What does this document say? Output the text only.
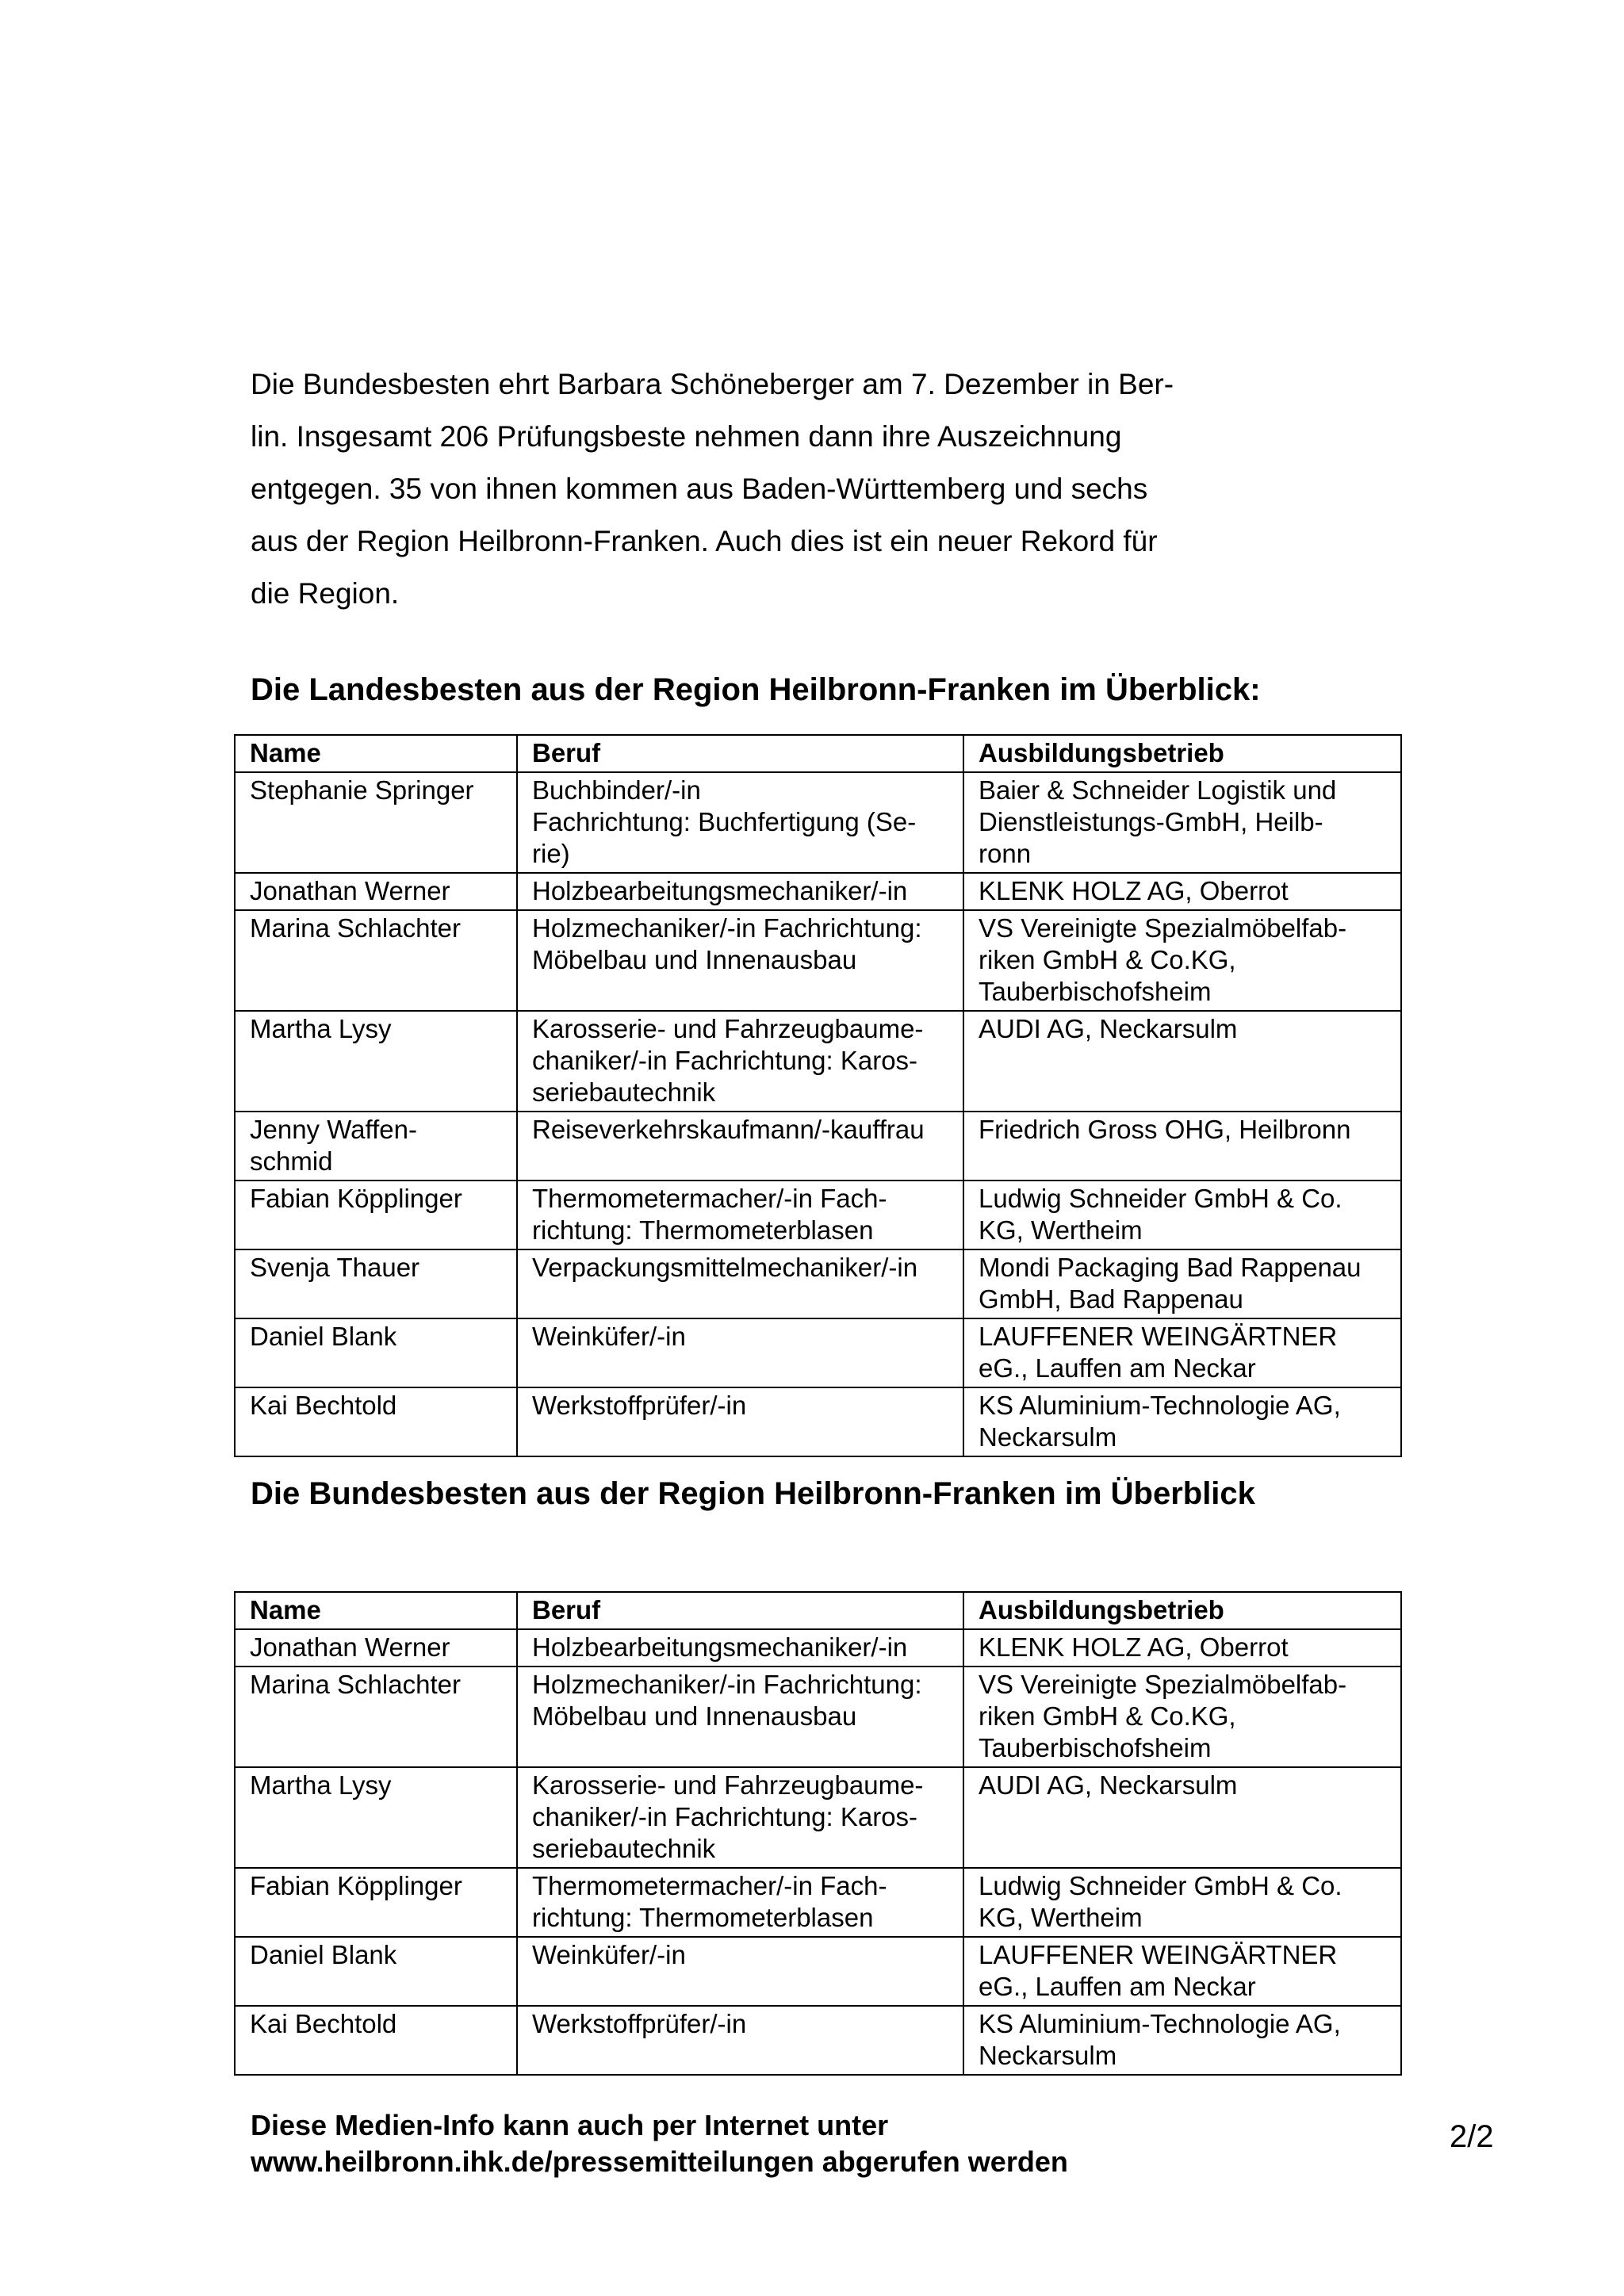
Die Bundesbesten ehrt Barbara Schöneberger am 7. Dezember in Ber-

lin. Insgesamt 206 Prüfungsbeste nehmen dann ihre Auszeichnung

entgegen. 35 von ihnen kommen aus Baden-Württemberg und sechs

aus der Region Heilbronn-Franken. Auch dies ist ein neuer Rekord für

die Region.

Die Landesbesten aus der Region Heilbronn-Franken im Überblick:
Name	Beruf	Ausbildungsbetrieb

Stephanie Springer	Buchbinder/-in
Fachrichtung: Buchfertigung (Se-
rie)	Baier & Schneider Logistik und
Dienstleistungs-GmbH, Heilb-
ronn

Jonathan Werner	Holzbearbeitungsmechaniker/-in	KLENK HOLZ AG, Oberrot

Marina Schlachter	Holzmechaniker/-in Fachrichtung:
Möbelbau und Innenausbau	VS Vereinigte Spezialmöbelfab-
riken GmbH & Co.KG,
Tauberbischofsheim

Martha Lysy	Karosserie- und Fahrzeugbaume-
chaniker/-in Fachrichtung: Karos-
seriebautechnik	AUDI AG, Neckarsulm

Jenny Waffen-
schmid	Reiseverkehrskaufmann/-kauffrau	Friedrich Gross OHG, Heilbronn

Fabian Köpplinger	Thermometermacher/-in Fach-
richtung: Thermometerblasen	Ludwig Schneider GmbH & Co.
KG, Wertheim

Svenja Thauer	Verpackungsmittelmechaniker/-in	Mondi Packaging Bad Rappenau
GmbH, Bad Rappenau

Daniel Blank	Weinküfer/-in	LAUFFENER WEINGÄRTNER
eG., Lauffen am Neckar

Kai Bechtold	Werkstoffprüfer/-in	KS Aluminium-Technologie AG,
Neckarsulm
Die Bundesbesten aus der Region Heilbronn-Franken im Überblick
Name	Beruf	Ausbildungsbetrieb

Jonathan Werner	Holzbearbeitungsmechaniker/-in	KLENK HOLZ AG, Oberrot

Marina Schlachter	Holzmechaniker/-in Fachrichtung:
Möbelbau und Innenausbau	VS Vereinigte Spezialmöbelfab-
riken GmbH & Co.KG,
Tauberbischofsheim

Martha Lysy	Karosserie- und Fahrzeugbaume-
chaniker/-in Fachrichtung: Karos-
seriebautechnik	AUDI AG, Neckarsulm

Fabian Köpplinger	Thermometermacher/-in Fach-
richtung: Thermometerblasen	Ludwig Schneider GmbH & Co.
KG, Wertheim

Daniel Blank	Weinküfer/-in	LAUFFENER WEINGÄRTNER
eG., Lauffen am Neckar

Kai Bechtold	Werkstoffprüfer/-in	KS Aluminium-Technologie AG,
Neckarsulm
Diese Medien-Info kann auch per Internet unter
www.heilbronn.ihk.de/pressemitteilungen abgerufen werden
2/2
